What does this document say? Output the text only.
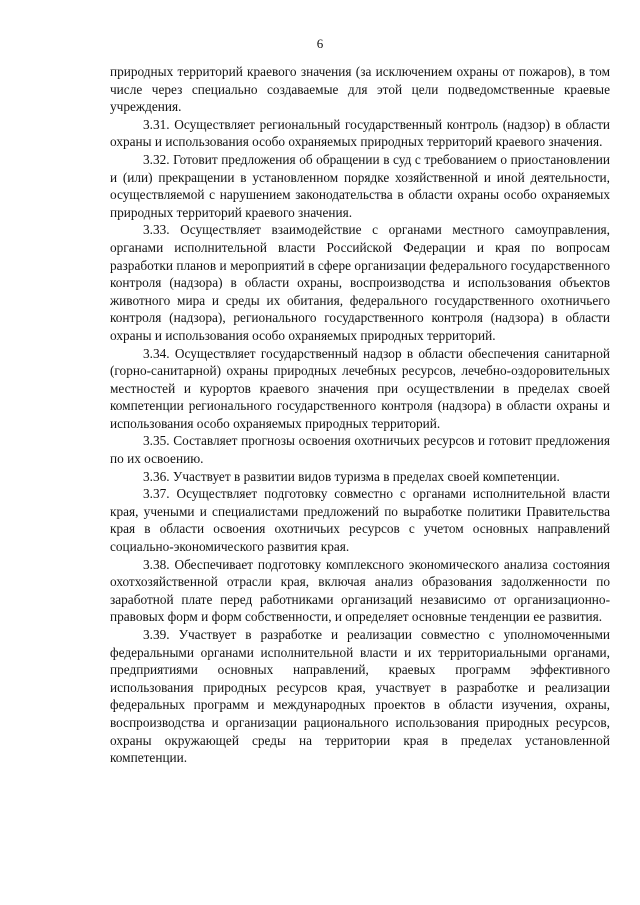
6

природных территорий краевого значения (за исключением охраны от пожаров), в том числе через специально создаваемые для этой цели подведомственные краевые учреждения.

3.31. Осуществляет региональный государственный контроль (надзор) в области охраны и использования особо охраняемых природных территорий краевого значения.

3.32. Готовит предложения об обращении в суд с требованием о приостановлении и (или) прекращении в установленном порядке хозяйственной и иной деятельности, осуществляемой с нарушением законодательства в области охраны особо охраняемых природных территорий краевого значения.

3.33. Осуществляет взаимодействие с органами местного самоуправления, органами исполнительной власти Российской Федерации и края по вопросам разработки планов и мероприятий в сфере организации федерального государственного контроля (надзора) в области охраны, воспроизводства и использования объектов животного мира и среды их обитания, федерального государственного охотничьего контроля (надзора), регионального государственного контроля (надзора) в области охраны и использования особо охраняемых природных территорий.

3.34. Осуществляет государственный надзор в области обеспечения санитарной (горно-санитарной) охраны природных лечебных ресурсов, лечебно-оздоровительных местностей и курортов краевого значения при осуществлении в пределах своей компетенции регионального государственного контроля (надзора) в области охраны и использования особо охраняемых природных территорий.

3.35. Составляет прогнозы освоения охотничьих ресурсов и готовит предложения по их освоению.

3.36. Участвует в развитии видов туризма в пределах своей компетенции.

3.37. Осуществляет подготовку совместно с органами исполнительной власти края, учеными и специалистами предложений по выработке политики Правительства края в области освоения охотничьих ресурсов с учетом основных направлений социально-экономического развития края.

3.38. Обеспечивает подготовку комплексного экономического анализа состояния охотхозяйственной отрасли края, включая анализ образования задолженности по заработной плате перед работниками организаций независимо от организационно-правовых форм и форм собственности, и определяет основные тенденции ее развития.

3.39. Участвует в разработке и реализации совместно с уполномоченными федеральными органами исполнительной власти и их территориальными органами, предприятиями основных направлений, краевых программ эффективного использования природных ресурсов края, участвует в разработке и реализации федеральных программ и международных проектов в области изучения, охраны, воспроизводства и организации рационального использования природных ресурсов, охраны окружающей среды на территории края в пределах установленной компетенции.
